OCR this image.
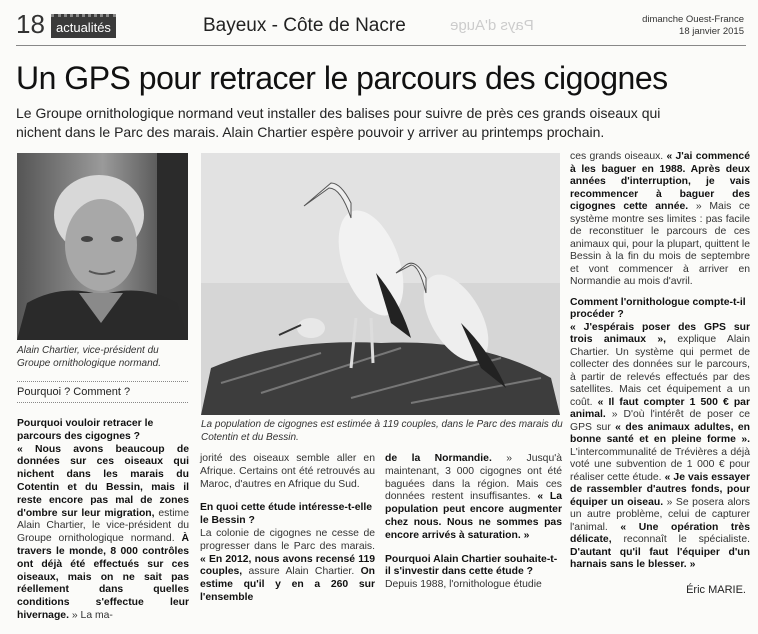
18 actualités	Bayeux - Côte de Nacre	Pays d'Auge	dimanche Ouest-France
18 janvier 2015
Un GPS pour retracer le parcours des cigognes
Le Groupe ornithologique normand veut installer des balises pour suivre de près ces grands oiseaux qui nichent dans le Parc des marais. Alain Chartier espère pouvoir y arriver au printemps prochain.
Alain Chartier, vice-président du Groupe ornithologique normand.
La population de cigognes est estimée à 119 couples, dans le Parc des marais du Cotentin et du Bessin.
Pourquoi ? Comment ?
Pourquoi vouloir retracer le parcours des cigognes ?

« Nous avons beaucoup de données sur ces oiseaux qui nichent dans les marais du Cotentin et du Bessin, mais il reste encore pas mal de zones d'ombre sur leur migration, estime Alain Chartier, le vice-président du Groupe ornithologique normand. À travers le monde, 8 000 contrôles ont déjà été effectués sur ces oiseaux, mais on ne sait pas réellement dans quelles conditions s'effectue leur hivernage. » La ma-

jorité des oiseaux semble aller en Afrique. Certains ont été retrouvés au Maroc, d'autres en Afrique du Sud.

En quoi cette étude intéresse-t-elle le Bessin ?

La colonie de cigognes ne cesse de progresser dans le Parc des marais. « En 2012, nous avons recensé 119 couples, assure Alain Chartier. On estime qu'il y en a 260 sur l'ensemble

de la Normandie. » Jusqu'à maintenant, 3 000 cigognes ont été baguées dans la région. Mais ces données restent insuffisantes. « La population peut encore augmenter chez nous. Nous ne sommes pas encore arrivés à saturation. »

Pourquoi Alain Chartier souhaite-t-il s'investir dans cette étude ?

Depuis 1988, l'ornithologue étudie

ces grands oiseaux. « J'ai commencé à les baguer en 1988. Après deux années d'interruption, je vais recommencer à baguer des cigognes cette année. » Mais ce système montre ses limites : pas facile de reconstituer le parcours de ces animaux qui, pour la plupart, quittent le Bessin à la fin du mois de septembre et vont commencer à arriver en Normandie au mois d'avril.

Comment l'ornithologue compte-t-il procéder ?

« J'espérais poser des GPS sur trois animaux », explique Alain Chartier. Un système qui permet de collecter des données sur le parcours, à partir de relevés effectués par des satellites. Mais cet équipement a un coût. « Il faut compter 1 500 € par animal. » D'où l'intérêt de poser ce GPS sur « des animaux adultes, en bonne santé et en pleine forme ». L'intercommunalité de Trévières a déjà voté une subvention de 1 000 € pour réaliser cette étude. « Je vais essayer de rassembler d'autres fonds, pour équiper un oiseau. » Se posera alors un autre problème, celui de capturer l'animal. « Une opération très délicate, reconnaît le spécialiste. D'autant qu'il faut l'équiper d'un harnais sans le blesser. »

Éric MARIE.
